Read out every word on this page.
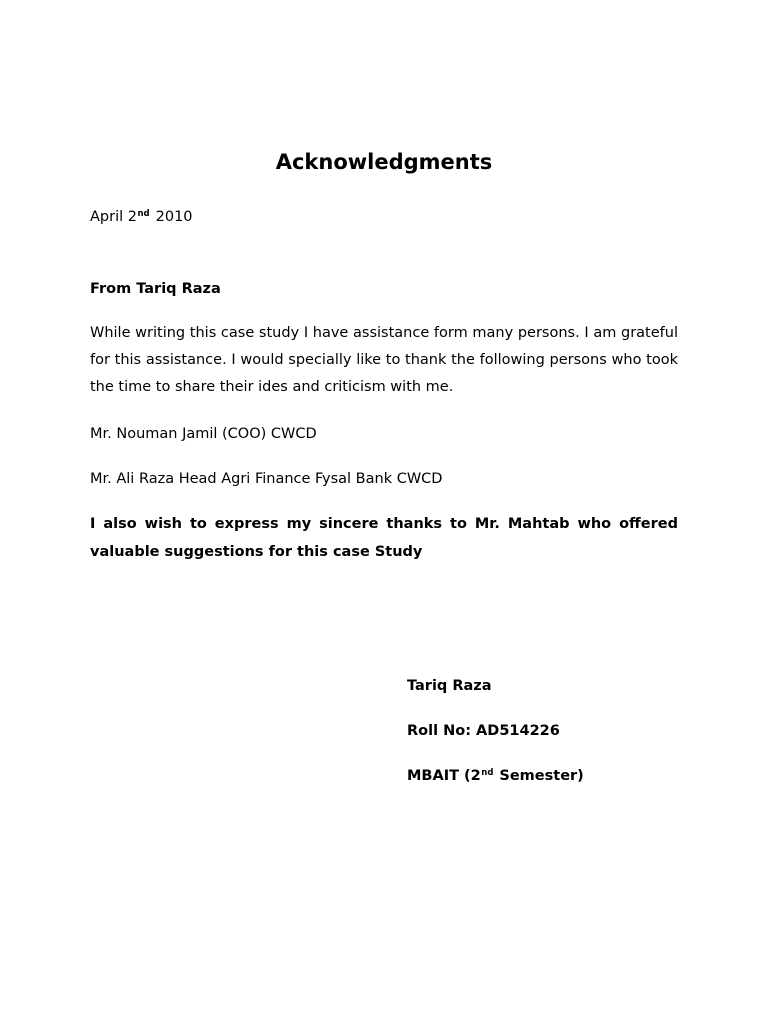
Acknowledgments

April 2nd 2010

From Tariq Raza

While writing this case study I have assistance form many persons. I am grateful for this assistance. I would specially like to thank the following persons who took the time to share their ides and criticism with me.

Mr. Nouman Jamil (COO) CWCD

Mr. Ali Raza Head Agri Finance Fysal Bank CWCD

I also wish to express my sincere thanks to Mr. Mahtab who offered valuable suggestions for this case Study

Tariq Raza

Roll No: AD514226

MBAIT (2nd Semester)
